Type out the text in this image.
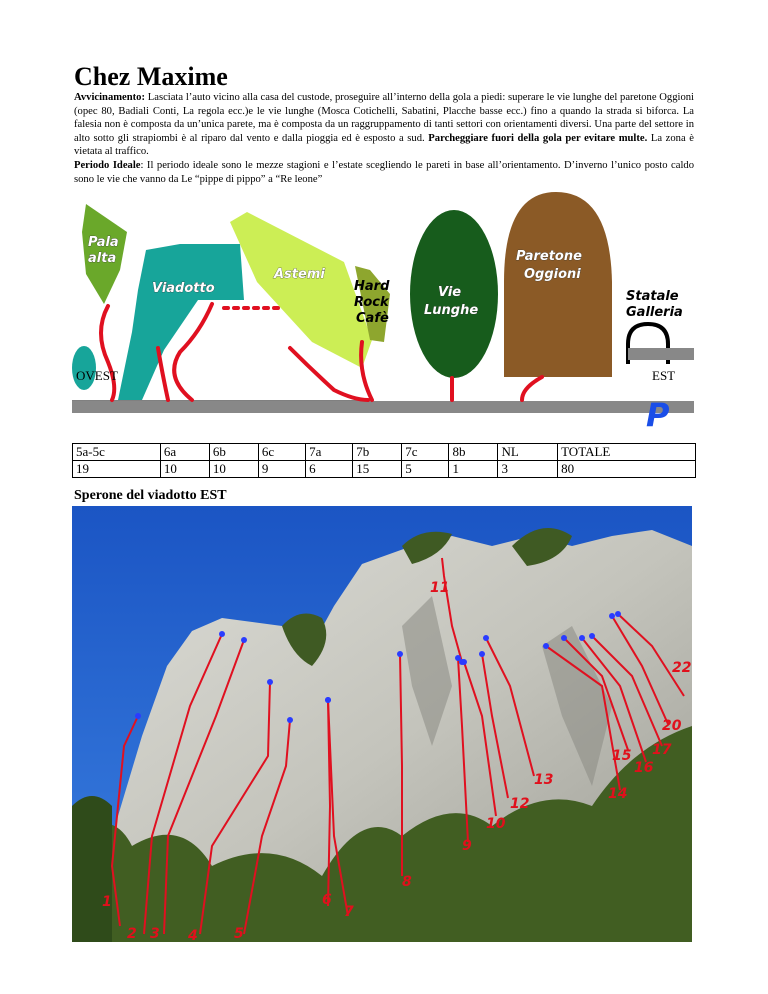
Chez Maxime
Avvicinamento: Lasciata l’auto vicino alla casa del custode, proseguire all’interno della gola a piedi: superare le vie lunghe del paretone Oggioni (opec 80, Badiali Conti, La regola ecc.)e le vie lunghe (Mosca Cotichelli, Sabatini, Placche basse ecc.) fino a quando la strada si biforca. La falesia non è composta da un’unica parete, ma è composta da un raggruppamento di tanti settori con orientamenti diversi. Una parte del settore in alto sotto gli strapiombi è al riparo dal vento e dalla pioggia ed è esposto a sud. Parcheggiare fuori della gola per evitare multe. La zona è vietata al traffico.
Periodo Ideale: Il periodo ideale sono le mezze stagioni e l’estate scegliendo le pareti in base all’orientamento. D’inverno l’unico posto caldo sono le vie che vanno da Le “pippe di pippo” a “Re leone”
Pala
alta
Viadotto
Astemi
Hard
Rock
Cafè
Vie
Lunghe
Paretone
Oggioni
Statale
Galleria
OVEST	EST
P
5a-5c	6a	6b	6c	7a	7b	7c	8b	NL	TOTALE
19	10	10	9	6	15	5	1	3	80
Sperone del viadotto EST
1
2 3 4	5
6
7
8
9
10
11
12
13
14
15
16
17
20
22
